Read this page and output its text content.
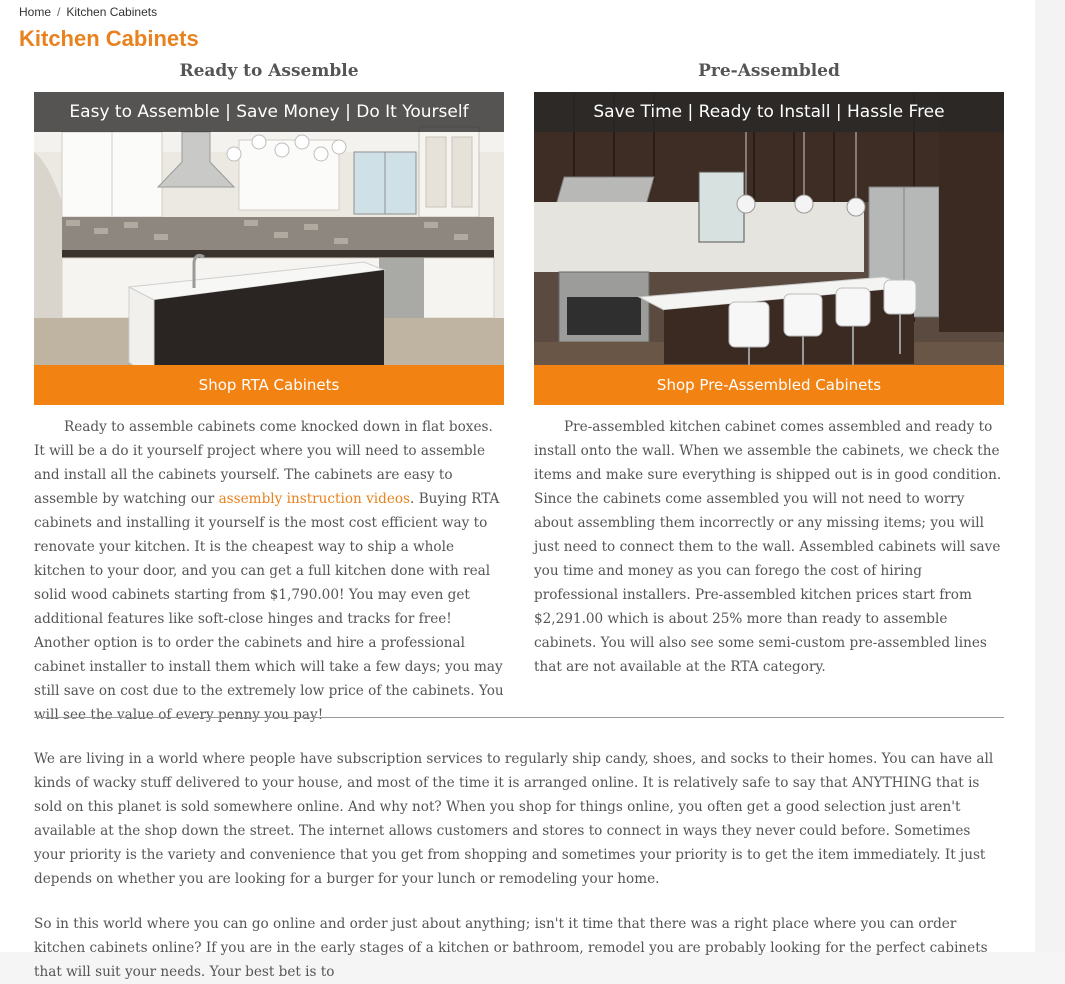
Home / Kitchen Cabinets
Kitchen Cabinets
Ready to Assemble
Easy to Assemble | Save Money | Do It Yourself
Shop RTA Cabinets

Ready to assemble cabinets come knocked down in flat boxes. It will be a do it yourself project where you will need to assemble and install all the cabinets yourself. The cabinets are easy to assemble by watching our assembly instruction videos. Buying RTA cabinets and installing it yourself is the most cost efficient way to renovate your kitchen. It is the cheapest way to ship a whole kitchen to your door, and you can get a full kitchen done with real solid wood cabinets starting from $1,790.00! You may even get additional features like soft-close hinges and tracks for free! Another option is to order the cabinets and hire a professional cabinet installer to install them which will take a few days; you may still save on cost due to the extremely low price of the cabinets. You will see the value of every penny you pay!

Pre-Assembled
Save Time | Ready to Install | Hassle Free
Shop Pre-Assembled Cabinets

Pre-assembled kitchen cabinet comes assembled and ready to install onto the wall. When we assemble the cabinets, we check the items and make sure everything is shipped out is in good condition. Since the cabinets come assembled you will not need to worry about assembling them incorrectly or any missing items; you will just need to connect them to the wall. Assembled cabinets will save you time and money as you can forego the cost of hiring professional installers. Pre-assembled kitchen prices start from $2,291.00 which is about 25% more than ready to assemble cabinets. You will also see some semi-custom pre-assembled lines that are not available at the RTA category.

We are living in a world where people have subscription services to regularly ship candy, shoes, and socks to their homes. You can have all kinds of wacky stuff delivered to your house, and most of the time it is arranged online. It is relatively safe to say that ANYTHING that is sold on this planet is sold somewhere online. And why not? When you shop for things online, you often get a good selection just aren't available at the shop down the street. The internet allows customers and stores to connect in ways they never could before. Sometimes your priority is the variety and convenience that you get from shopping and sometimes your priority is to get the item immediately. It just depends on whether you are looking for a burger for your lunch or remodeling your home.

So in this world where you can go online and order just about anything; isn't it time that there was a right place where you can order kitchen cabinets online? If you are in the early stages of a kitchen or bathroom, remodel you are probably looking for the perfect cabinets that will suit your needs. Your best bet is to
